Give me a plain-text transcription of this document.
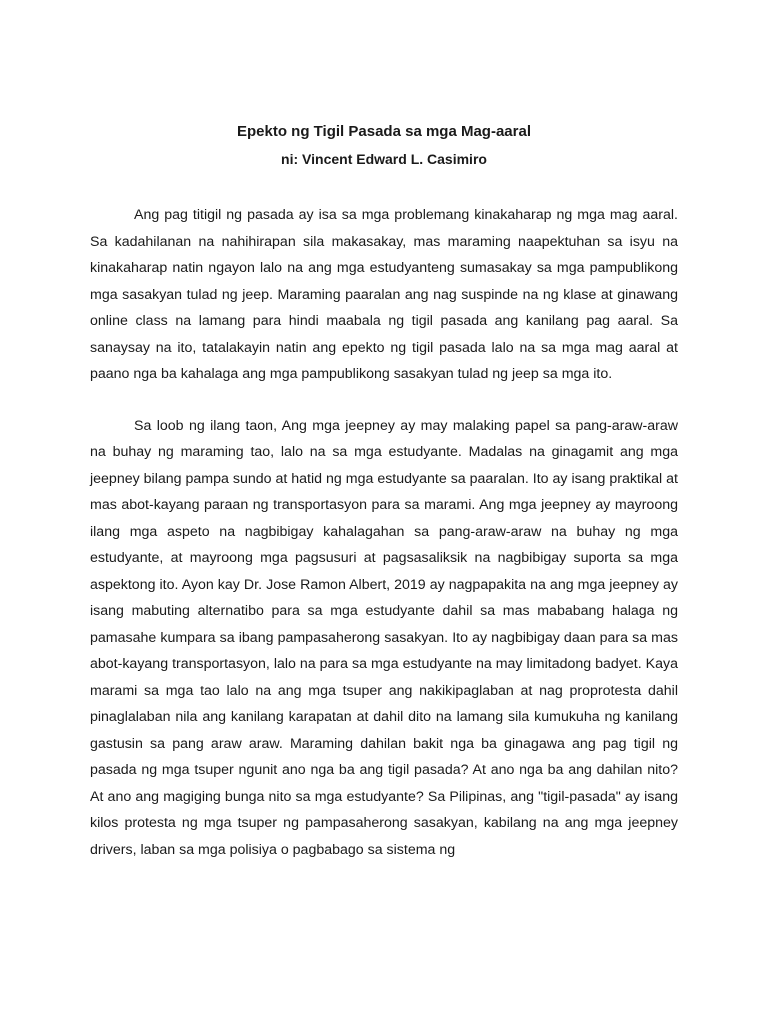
Epekto ng Tigil Pasada sa mga Mag-aaral
ni: Vincent Edward L. Casimiro

Ang pag titigil ng pasada ay isa sa mga problemang kinakaharap ng mga mag aaral. Sa kadahilanan na nahihirapan sila makasakay, mas maraming naapektuhan sa isyu na kinakaharap natin ngayon lalo na ang mga estudyanteng sumasakay sa mga pampublikong mga sasakyan tulad ng jeep. Maraming paaralan ang nag suspinde na ng klase at ginawang online class na lamang para hindi maabala ng tigil pasada ang kanilang pag aaral. Sa sanaysay na ito, tatalakayin natin ang epekto ng tigil pasada lalo na sa mga mag aaral at paano nga ba kahalaga ang mga pampublikong sasakyan tulad ng jeep sa mga ito.

Sa loob ng ilang taon, Ang mga jeepney ay may malaking papel sa pang-araw-araw na buhay ng maraming tao, lalo na sa mga estudyante. Madalas na ginagamit ang mga jeepney bilang pampa sundo at hatid ng mga estudyante sa paaralan. Ito ay isang praktikal at mas abot-kayang paraan ng transportasyon para sa marami. Ang mga jeepney ay mayroong ilang mga aspeto na nagbibigay kahalagahan sa pang-araw-araw na buhay ng mga estudyante, at mayroong mga pagsusuri at pagsasaliksik na nagbibigay suporta sa mga aspektong ito. Ayon kay Dr. Jose Ramon Albert, 2019 ay nagpapakita na ang mga jeepney ay isang mabuting alternatibo para sa mga estudyante dahil sa mas mababang halaga ng pamasahe kumpara sa ibang pampasaherong sasakyan. Ito ay nagbibigay daan para sa mas abot-kayang transportasyon, lalo na para sa mga estudyante na may limitadong badyet. Kaya marami sa mga tao lalo na ang mga tsuper ang nakikipaglaban at nag proprotesta dahil pinaglalaban nila ang kanilang karapatan at dahil dito na lamang sila kumukuha ng kanilang gastusin sa pang araw araw. Maraming dahilan bakit nga ba ginagawa ang pag tigil ng pasada ng mga tsuper ngunit ano nga ba ang tigil pasada? At ano nga ba ang dahilan nito? At ano ang magiging bunga nito sa mga estudyante? Sa Pilipinas, ang "tigil-pasada" ay isang kilos protesta ng mga tsuper ng pampasaherong sasakyan, kabilang na ang mga jeepney drivers, laban sa mga polisiya o pagbabago sa sistema ng
